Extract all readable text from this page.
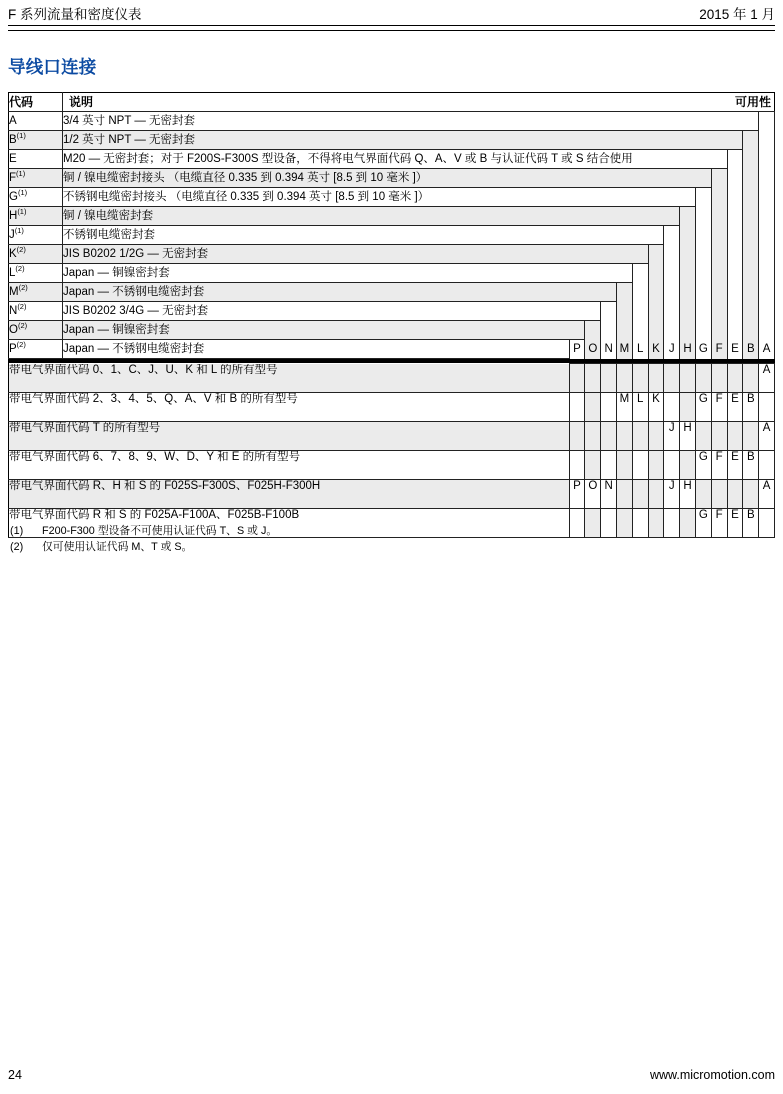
F 系列流量和密度仪表	2015 年 1 月
导线口连接
代码	说明 可用性													

A	3/4 英寸 NPT — 无密封套													
B$^{(1)}$	1/2 英寸 NPT — 无密封套													
E	M20 — 无密封套；对于 F200S-F300S 型设备，不得将电气界面代码 Q、A、V 或 B 与认证代码 T 或 S 结合使用													
F$^{(1)}$	铜 / 镍电缆密封接头 （电缆直径 0.335 到 0.394 英寸 [8.5 到 10 毫米 ]）													
G$^{(1)}$	不锈钢电缆密封接头 （电缆直径 0.335 到 0.394 英寸 [8.5 到 10 毫米 ]）													
H$^{(1)}$	铜 / 镍电缆密封套													
J$^{(1)}$	不锈钢电缆密封套													
K$^{(2)}$	JIS B0202 1/2G — 无密封套													
L$^{(2)}$	Japan — 铜镍密封套													
M$^{(2)}$	Japan — 不锈钢电缆密封套													
N$^{(2)}$	JIS B0202 3/4G — 无密封套													
O$^{(2)}$	Japan — 铜镍密封套													
P$^{(2)}$	Japan — 不锈钢电缆密封套	P	O	N	M	L	K	J	H	G	F	E	B	A

带电气界面代码 0、1、C、J、U、K 和 L 的所有型号														A
带电气界面代码 2、3、4、5、Q、A、V 和 B 的所有型号					M	L	K			G	F	E	B	
带电气界面代码 T 的所有型号								J	H					A
带电气界面代码 6、7、8、9、W、D、Y 和 E 的所有型号										G	F	E	B	
带电气界面代码 R、H 和 S 的 F025S-F300S、F025H-F300H		P	O	N				J	H					A
带电气界面代码 R 和 S 的 F025A-F100A、F025B-F100B										G	F	E	B	
(1)	F200-F300 型设备不可使用认证代码 T、S 或 J。
(2)	仅可使用认证代码 M、T 或 S。
24	www.micromotion.com
